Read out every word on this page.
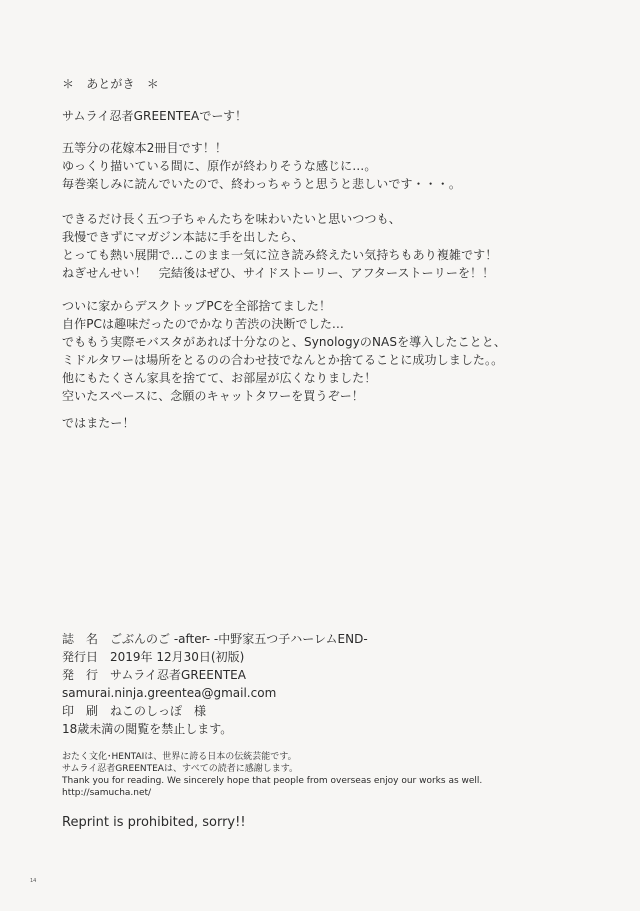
＊　あとがき　＊
サムライ忍者GREENTEAでーす！
五等分の花嫁本2冊目です！！
ゆっくり描いている間に、原作が終わりそうな感じに…。
毎巻楽しみに読んでいたので、終わっちゃうと思うと悲しいです・・・。
できるだけ長く五つ子ちゃんたちを味わいたいと思いつつも、
我慢できずにマガジン本誌に手を出したら、
とっても熱い展開で…このまま一気に泣き読み終えたい気持ちもあり複雑です！
ねぎせんせい！　完結後はぜひ、サイドストーリー、アフターストーリーを！！
ついに家からデスクトップPCを全部捨てました！
自作PCは趣味だったのでかなり苦渋の決断でした…
でももう実際モバスタがあれば十分なのと、SynologyのNASを導入したことと、
ミドルタワーは場所をとるのの合わせ技でなんとか捨てることに成功しました。。
他にもたくさん家具を捨てて、お部屋が広くなりました！
空いたスペースに、念願のキャットタワーを買うぞー！
ではまたー！
誌　名 ごぶんのご -after- -中野家五つ子ハーレムEND-
発行日 2019年 12月30日(初版)
発　行 サムライ忍者GREENTEA
samurai.ninja.greentea@gmail.com
印　刷 ねこのしっぽ　様
18歳未満の閲覧を禁止します。
おたく文化･HENTAIは、世界に誇る日本の伝統芸能です。
サムライ忍者GREENTEAは、すべての読者に感謝します。
Thank you for reading. We sincerely hope that people from overseas enjoy our works as well.
http://samucha.net/
Reprint is prohibited, sorry!!
14
